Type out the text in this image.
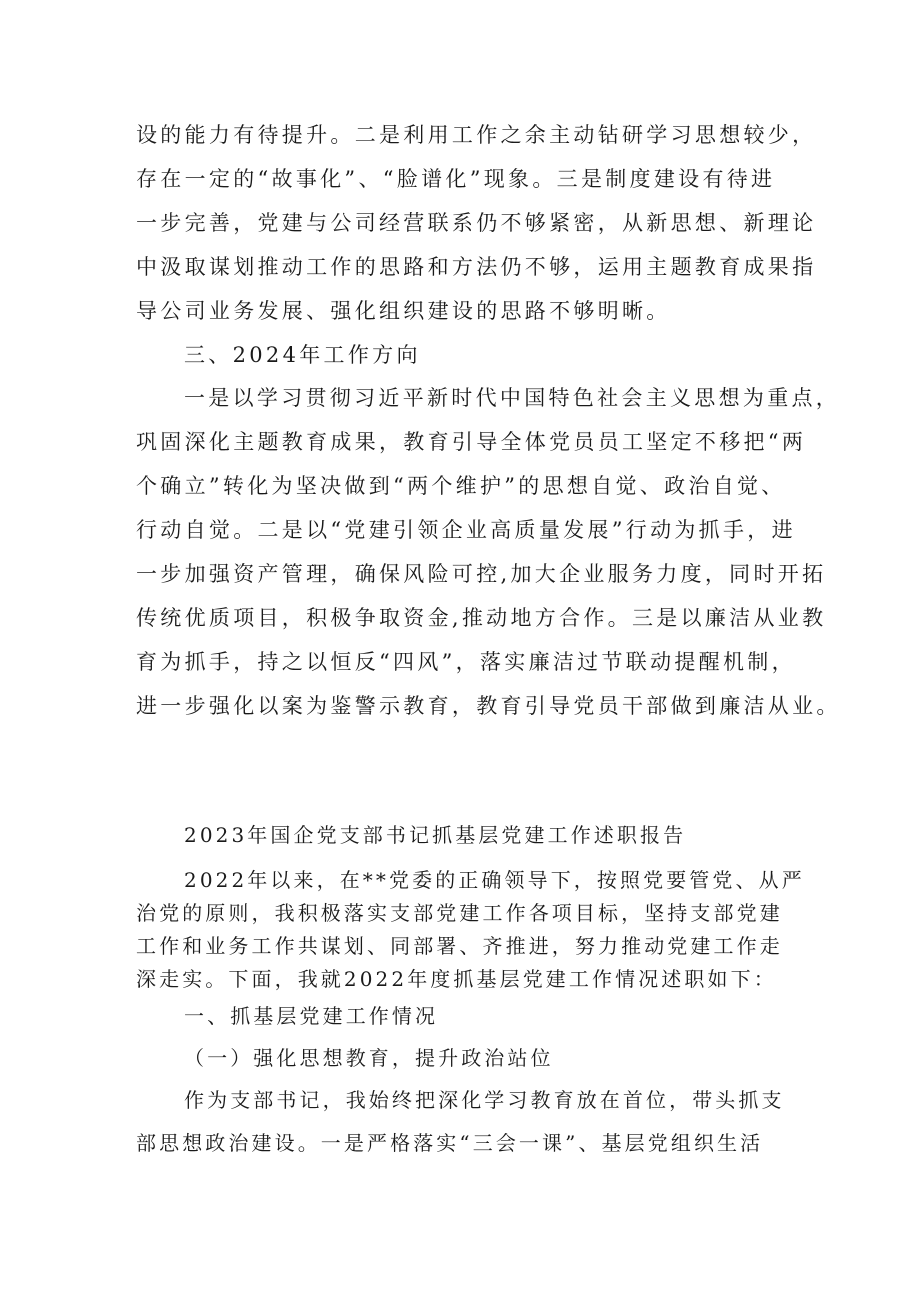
设的能力有待提升。二是利用工作之余主动钻研学习思想较少，
存在一定的“故事化”、“脸谱化”现象。三是制度建设有待进
一步完善，党建与公司经营联系仍不够紧密，从新思想、新理论
中汲取谋划推动工作的思路和方法仍不够，运用主题教育成果指
导公司业务发展、强化组织建设的思路不够明晰。
三、2024年工作方向
一是以学习贯彻习近平新时代中国特色社会主义思想为重点，
巩固深化主题教育成果，教育引导全体党员员工坚定不移把“两
个确立”转化为坚决做到“两个维护”的思想自觉、政治自觉、
行动自觉。二是以“党建引领企业高质量发展”行动为抓手，进
一步加强资产管理，确保风险可控,加大企业服务力度，同时开拓
传统优质项目，积极争取资金,推动地方合作。三是以廉洁从业教
育为抓手，持之以恒反“四风”，落实廉洁过节联动提醒机制，
进一步强化以案为鉴警示教育，教育引导党员干部做到廉洁从业。
2023年国企党支部书记抓基层党建工作述职报告
2022年以来，在**党委的正确领导下，按照党要管党、从严
治党的原则，我积极落实支部党建工作各项目标，坚持支部党建
工作和业务工作共谋划、同部署、齐推进，努力推动党建工作走
深走实。下面，我就2022年度抓基层党建工作情况述职如下：
一、抓基层党建工作情况
（一）强化思想教育，提升政治站位
作为支部书记，我始终把深化学习教育放在首位，带头抓支
部思想政治建设。一是严格落实“三会一课”、基层党组织生活
